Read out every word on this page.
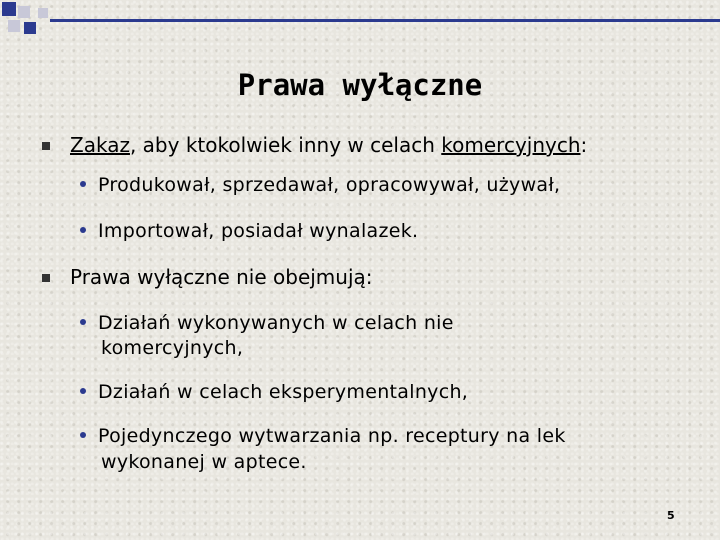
Prawa wyłączne
Zakaz, aby ktokolwiek inny w celach komercyjnych:
Produkował, sprzedawał, opracowywał, używał,
Importował, posiadał wynalazek.
Prawa wyłączne nie obejmują:
Działań wykonywanych w celach nie
komercyjnych,
Działań w celach eksperymentalnych,
Pojedynczego wytwarzania np. receptury na lek
wykonanej w aptece.
5
